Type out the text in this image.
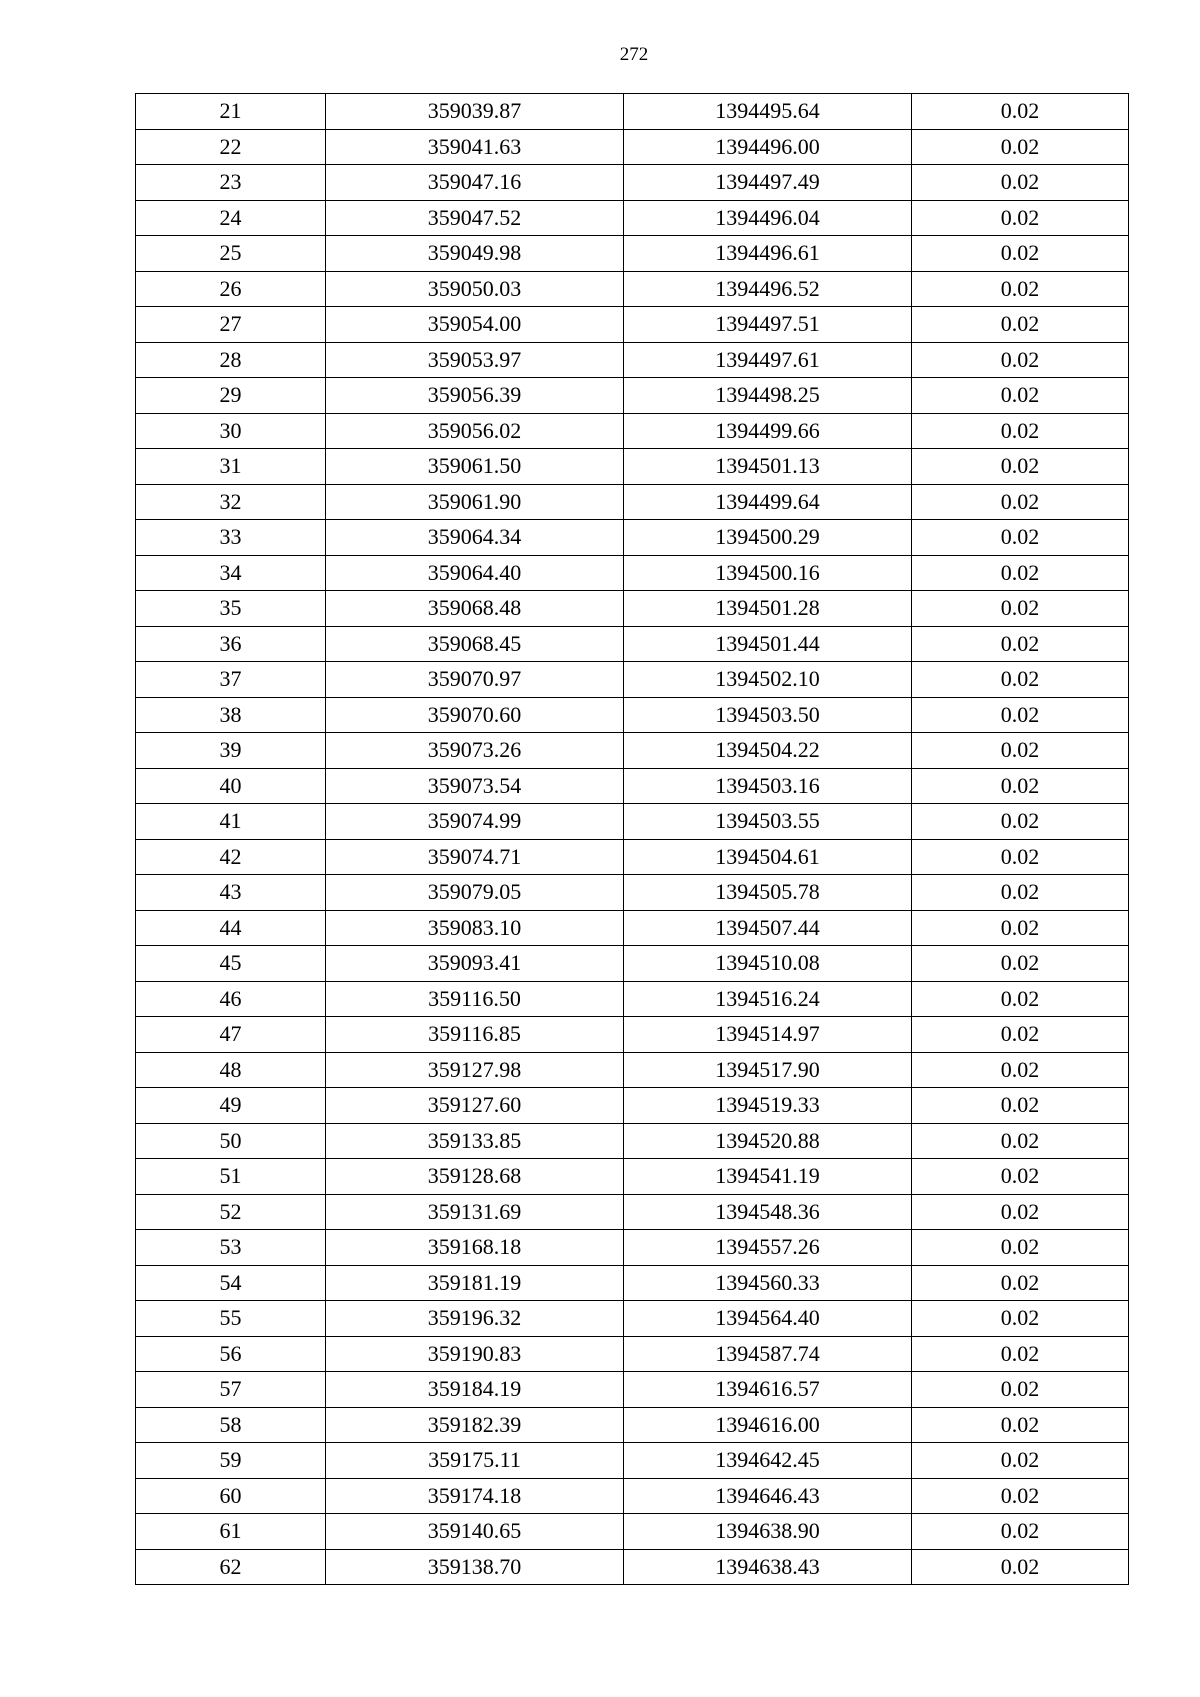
272
21	359039.87	1394495.64	0.02
22	359041.63	1394496.00	0.02
23	359047.16	1394497.49	0.02
24	359047.52	1394496.04	0.02
25	359049.98	1394496.61	0.02
26	359050.03	1394496.52	0.02
27	359054.00	1394497.51	0.02
28	359053.97	1394497.61	0.02
29	359056.39	1394498.25	0.02
30	359056.02	1394499.66	0.02
31	359061.50	1394501.13	0.02
32	359061.90	1394499.64	0.02
33	359064.34	1394500.29	0.02
34	359064.40	1394500.16	0.02
35	359068.48	1394501.28	0.02
36	359068.45	1394501.44	0.02
37	359070.97	1394502.10	0.02
38	359070.60	1394503.50	0.02
39	359073.26	1394504.22	0.02
40	359073.54	1394503.16	0.02
41	359074.99	1394503.55	0.02
42	359074.71	1394504.61	0.02
43	359079.05	1394505.78	0.02
44	359083.10	1394507.44	0.02
45	359093.41	1394510.08	0.02
46	359116.50	1394516.24	0.02
47	359116.85	1394514.97	0.02
48	359127.98	1394517.90	0.02
49	359127.60	1394519.33	0.02
50	359133.85	1394520.88	0.02
51	359128.68	1394541.19	0.02
52	359131.69	1394548.36	0.02
53	359168.18	1394557.26	0.02
54	359181.19	1394560.33	0.02
55	359196.32	1394564.40	0.02
56	359190.83	1394587.74	0.02
57	359184.19	1394616.57	0.02
58	359182.39	1394616.00	0.02
59	359175.11	1394642.45	0.02
60	359174.18	1394646.43	0.02
61	359140.65	1394638.90	0.02
62	359138.70	1394638.43	0.02
